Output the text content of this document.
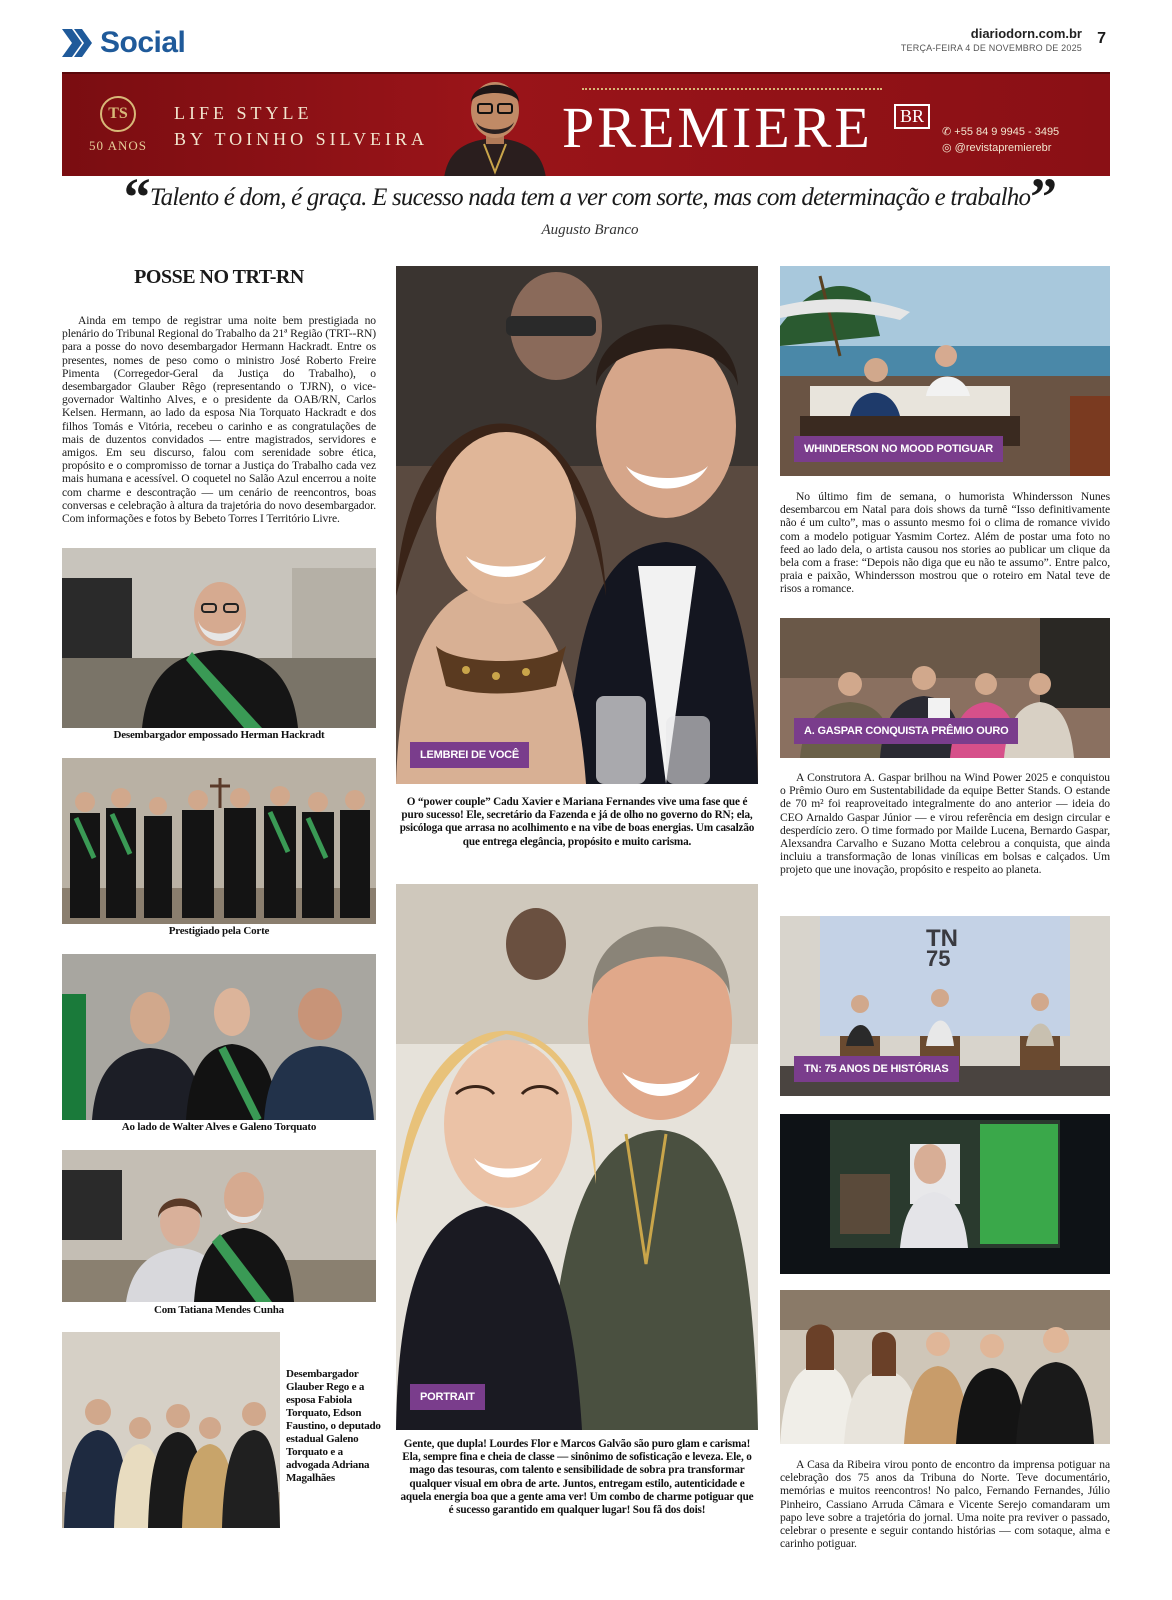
Social	diariodorn.com.br
TERÇA-FEIRA 4 DE NOVEMBRO DE 2025
7
TS
50 ANOS
LIFE STYLE
BY TOINHO SILVEIRA PREMIERE	BR
✆ +55 84 9 9945 - 3495
◎ @revistapremierebr
“Talento é dom, é graça. E sucesso nada tem a ver com sorte, mas com determinação e trabalho”
Augusto Branco
POSSE NO TRT-RN
Ainda em tempo de registrar uma noite bem prestigiada no plenário do Tribunal Regional do Trabalho da 21ª Região (TRT--RN) para a posse do novo desembargador Hermann Hackradt. Entre os presentes, nomes de peso como o ministro José Roberto Freire Pimenta (Corregedor-Geral da Justiça do Trabalho), o desembargador Glauber Rêgo (representando o TJRN), o vice-governador Waltinho Alves, e o presidente da OAB/RN, Carlos Kelsen. Hermann, ao lado da esposa Nia Torquato Hackradt e dos filhos Tomás e Vitória, recebeu o carinho e as congratulações de mais de duzentos convidados — entre magistrados, servidores e amigos. Em seu discurso, falou com serenidade sobre ética, propósito e o compromisso de tornar a Justiça do Trabalho cada vez mais humana e acessível. O coquetel no Salão Azul encerrou a noite com charme e descontração — um cenário de reencontros, boas conversas e celebração à altura da trajetória do novo desembargador. Com informações e fotos by Bebeto Torres I Território Livre.
Desembargador empossado Herman Hackradt
Prestigiado pela Corte
Ao lado de Walter Alves e Galeno Torquato
Com Tatiana Mendes Cunha
Desembargador Glauber Rego e a esposa Fabiola Torquato, Edson Faustino, o deputado estadual Galeno Torquato e a advogada Adriana Magalhães
LEMBREI DE VOCÊ
O “power couple” Cadu Xavier e Mariana Fernandes vive uma fase que é puro sucesso! Ele, secretário da Fazenda e já de olho no governo do RN; ela, psicóloga que arrasa no acolhimento e na vibe de boas energias. Um casalzão que entrega elegância, propósito e muito carisma.
PORTRAIT
Gente, que dupla! Lourdes Flor e Marcos Galvão são puro glam e carisma! Ela, sempre fina e cheia de classe — sinônimo de sofisticação e leveza. Ele, o mago das tesouras, com talento e sensibilidade de sobra pra transformar qualquer visual em obra de arte. Juntos, entregam estilo, autenticidade e aquela energia boa que a gente ama ver! Um combo de charme potiguar que é sucesso garantido em qualquer lugar! Sou fã dos dois!
WHINDERSON NO MOOD POTIGUAR
No último fim de semana, o humorista Whindersson Nunes desembarcou em Natal para dois shows da turnê “Isso definitivamente não é um culto”, mas o assunto mesmo foi o clima de romance vivido com a modelo potiguar Yasmim Cortez. Além de postar uma foto no feed ao lado dela, o artista causou nos stories ao publicar um clique da bela com a frase: “Depois não diga que eu não te assumo”. Entre palco, praia e paixão, Whindersson mostrou que o roteiro em Natal teve de risos a romance.
A. GASPAR CONQUISTA PRÊMIO OURO
A Construtora A. Gaspar brilhou na Wind Power 2025 e conquistou o Prêmio Ouro em Sustentabilidade da equipe Better Stands. O estande de 70 m² foi reaproveitado integralmente do ano anterior — ideia do CEO Arnaldo Gaspar Júnior — e virou referência em design circular e desperdício zero. O time formado por Mailde Lucena, Bernardo Gaspar, Alexsandra Carvalho e Suzano Motta celebrou a conquista, que ainda incluiu a transformação de lonas vinílicas em bolsas e calçados. Um projeto que une inovação, propósito e respeito ao planeta.
TN
75
TN: 75 ANOS DE HISTÓRIAS
A Casa da Ribeira virou ponto de encontro da imprensa potiguar na celebração dos 75 anos da Tribuna do Norte. Teve documentário, memórias e muitos reencontros! No palco, Fernando Fernandes, Júlio Pinheiro, Cassiano Arruda Câmara e Vicente Serejo comandaram um papo leve sobre a trajetória do jornal. Uma noite pra reviver o passado, celebrar o presente e seguir contando histórias — com sotaque, alma e carinho potiguar.
